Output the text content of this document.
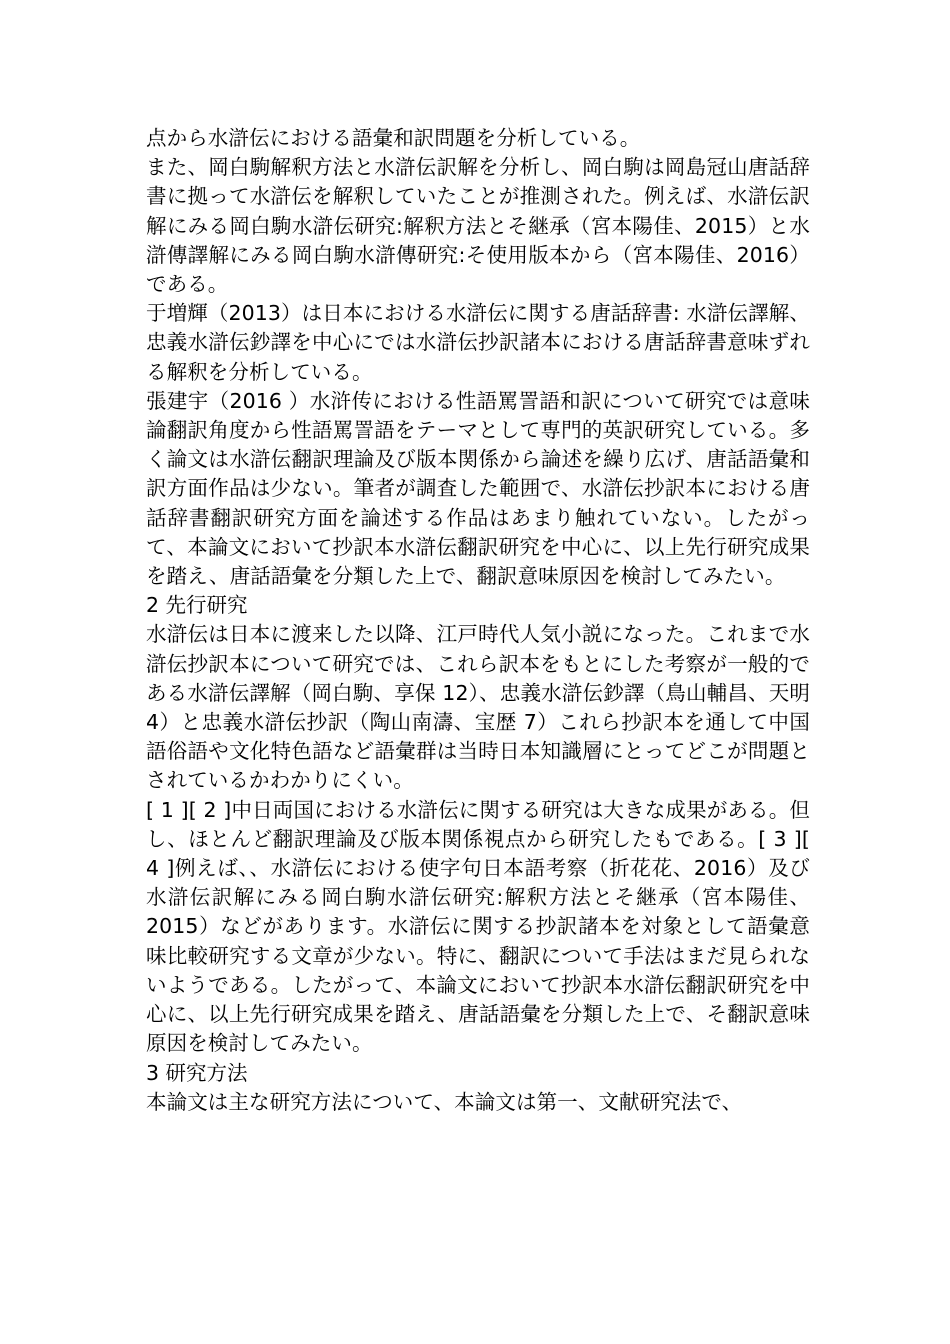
点から水滸伝における語彙和訳問題を分析している。

また、岡白駒解釈方法と水滸伝訳解を分析し、岡白駒は岡島冠山唐話辞書に拠って水滸伝を解釈していたことが推測された。例えば、水滸伝訳解にみる岡白駒水滸伝研究:解釈方法とそ継承（宮本陽佳、2015）と水滸傳譯解にみる岡白駒水滸傳研究:そ使用版本から（宮本陽佳、2016）である。

于増輝（2013）は日本における水滸伝に関する唐話辞書: 水滸伝譯解、忠義水滸伝鈔譯を中心にでは水滸伝抄訳諸本における唐話辞書意味ずれる解釈を分析している。

張建宇（2016 ）水浒传における性語罵詈語和訳について研究では意味論翻訳角度から性語罵詈語をテーマとして専門的英訳研究している。多く論文は水滸伝翻訳理論及び版本関係から論述を繰り広げ、唐話語彙和訳方面作品は少ない。筆者が調査した範囲で、水滸伝抄訳本における唐話辞書翻訳研究方面を論述する作品はあまり触れていない。したがって、本論文において抄訳本水滸伝翻訳研究を中心に、以上先行研究成果を踏え、唐話語彙を分類した上で、翻訳意味原因を検討してみたい。

2 先行研究

水滸伝は日本に渡来した以降、江戸時代人気小説になった。これまで水滸伝抄訳本について研究では、これら訳本をもとにした考察が一般的である水滸伝譯解（岡白駒、享保 12）、忠義水滸伝鈔譯（鳥山輔昌、天明 4）と忠義水滸伝抄訳（陶山南濤、宝歴 7）これら抄訳本を通して中国語俗語や文化特色語など語彙群は当時日本知識層にとってどこが問題とされているかわかりにくい。

[ 1 ][ 2 ]中日両国における水滸伝に関する研究は大きな成果がある。但し、ほとんど翻訳理論及び版本関係視点から研究したもである。[ 3 ][ 4 ]例えば、、水滸伝における使字句日本語考察（折花花、2016）及び水滸伝訳解にみる岡白駒水滸伝研究:解釈方法とそ継承（宮本陽佳、2015）などがあります。水滸伝に関する抄訳諸本を対象として語彙意味比較研究する文章が少ない。特に、翻訳について手法はまだ見られないようである。したがって、本論文において抄訳本水滸伝翻訳研究を中心に、以上先行研究成果を踏え、唐話語彙を分類した上で、そ翻訳意味原因を検討してみたい。

3 研究方法

本論文は主な研究方法について、本論文は第一、文献研究法で、
